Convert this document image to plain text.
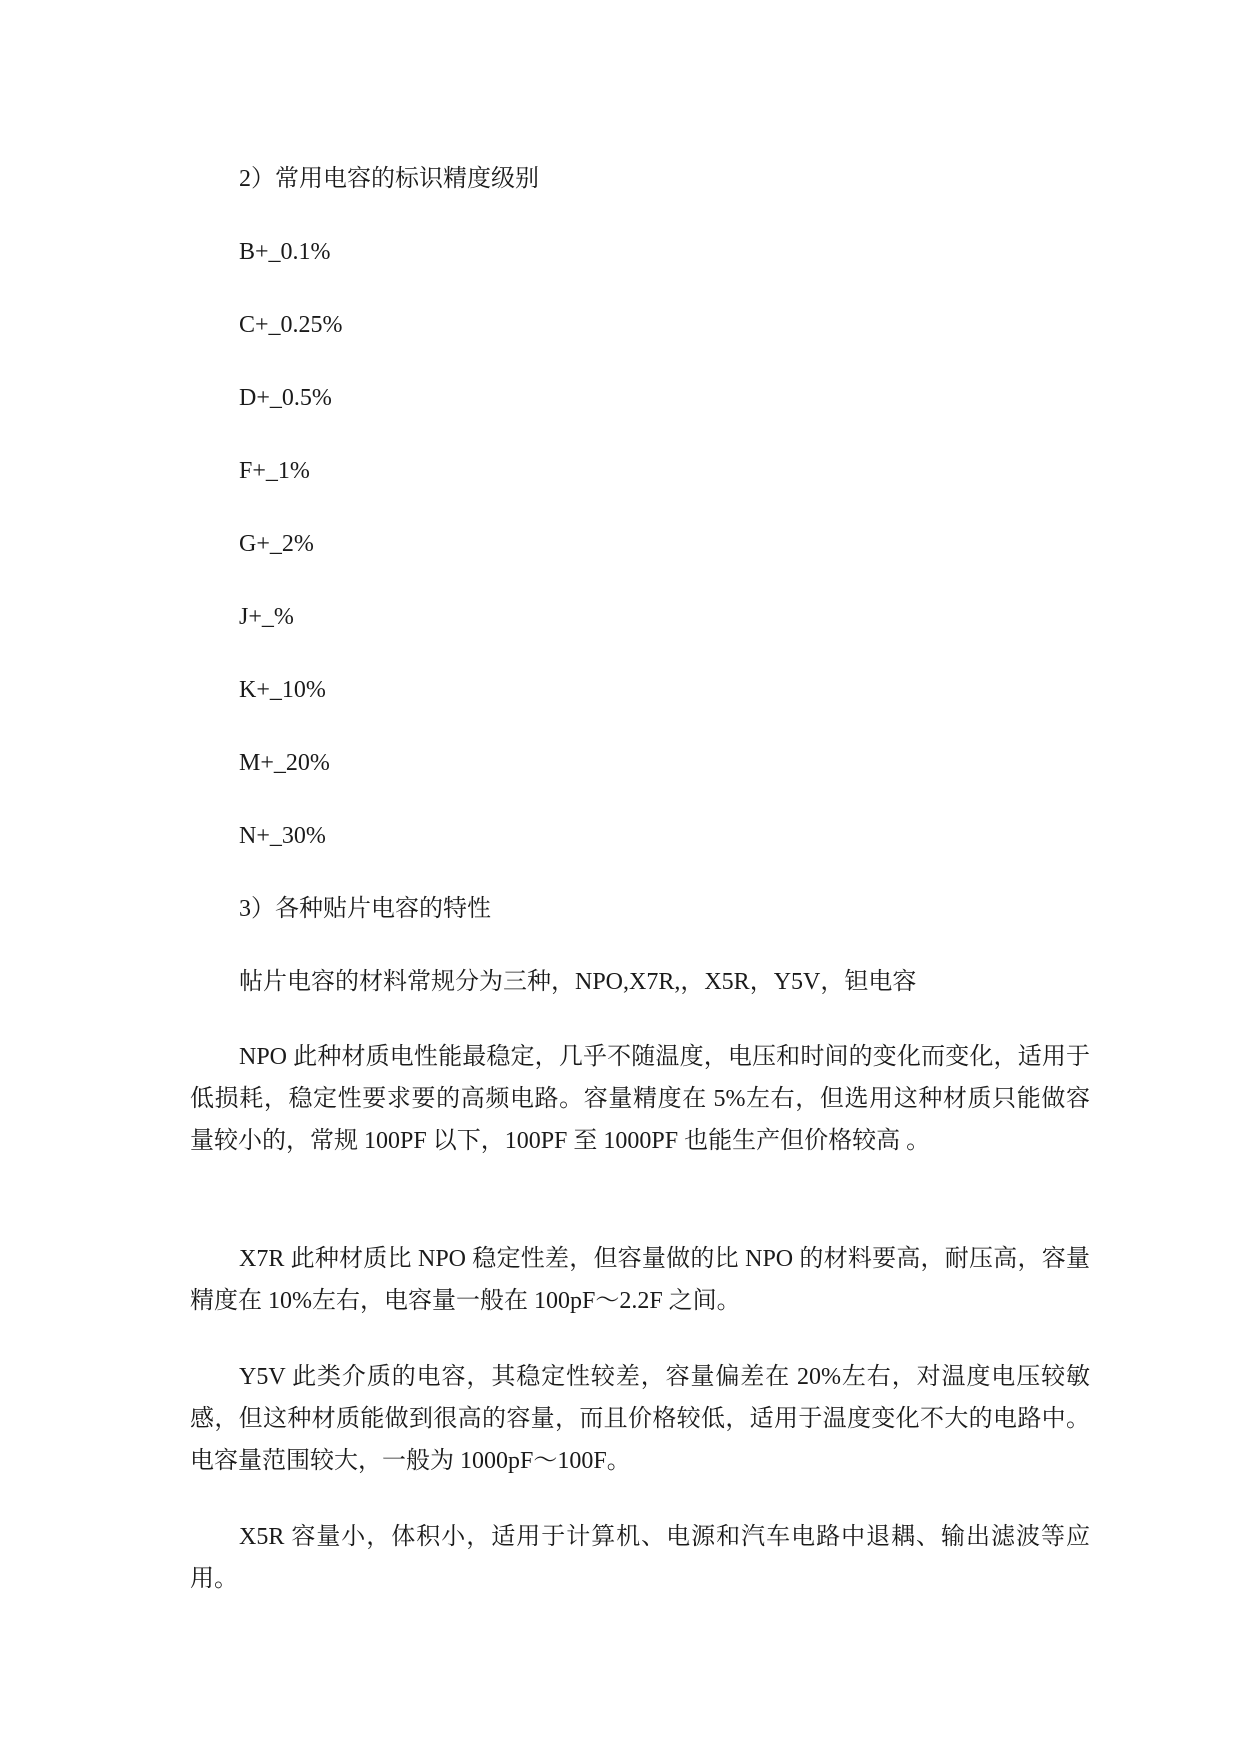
2）常用电容的标识精度级别
B+_0.1%
C+_0.25%
D+_0.5%
F+_1%
G+_2%
J+_%
K+_10%
M+_20%
N+_30%
3）各种贴片电容的特性
帖片电容的材料常规分为三种，NPO,X7R,，X5R，Y5V，钽电容

NPO 此种材质电性能最稳定，几乎不随温度，电压和时间的变化而变化，适用于低损耗，稳定性要求要的高频电路。容量精度在 5%左右，但选用这种材质只能做容量较小的，常规 100PF 以下，100PF 至 1000PF 也能生产但价格较高 。

X7R 此种材质比 NPO 稳定性差，但容量做的比 NPO 的材料要高，耐压高，容量精度在 10%左右，电容量一般在 100pF～2.2F 之间。

Y5V 此类介质的电容，其稳定性较差，容量偏差在 20%左右，对温度电压较敏感，但这种材质能做到很高的容量，而且价格较低，适用于温度变化不大的电路中。电容量范围较大，一般为 1000pF～100F。

X5R 容量小，体积小，适用于计算机、电源和汽车电路中退耦、输出滤波等应用。
